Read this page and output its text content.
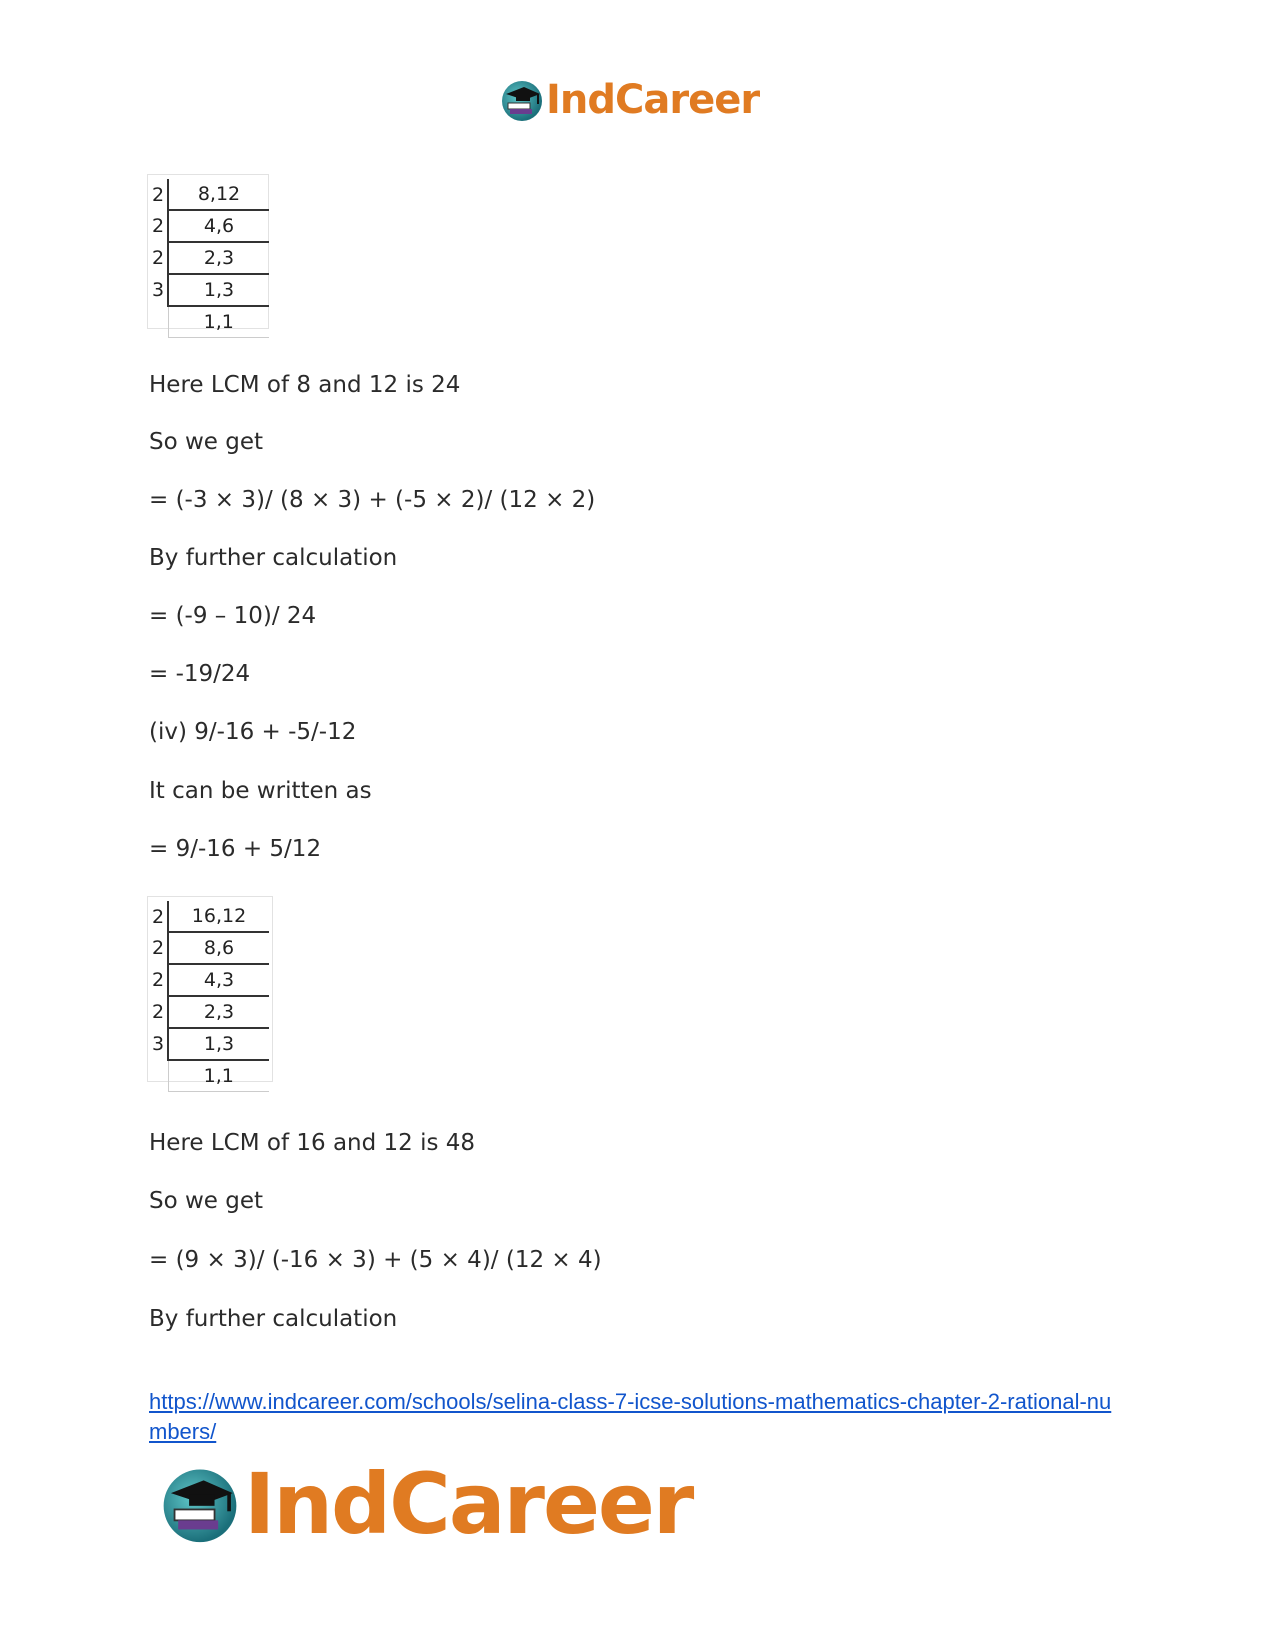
IndCareer
2	8,12
2	4,6
2	2,3
3	1,3
	1,1
Here LCM of 8 and 12 is 24
So we get
= (-3 × 3)/ (8 × 3) + (-5 × 2)/ (12 × 2)
By further calculation
= (-9 – 10)/ 24
= -19/24
(iv) 9/-16 + -5/-12
It can be written as
= 9/-16 + 5/12
2	16,12
2	8,6
2	4,3
2	2,3
3	1,3
	1,1
Here LCM of 16 and 12 is 48
So we get
= (9 × 3)/ (-16 × 3) + (5 × 4)/ (12 × 4)
By further calculation
https://www.indcareer.com/schools/selina-class-7-icse-solutions-mathematics-chapter-2-rational-numbers/
IndCareer
